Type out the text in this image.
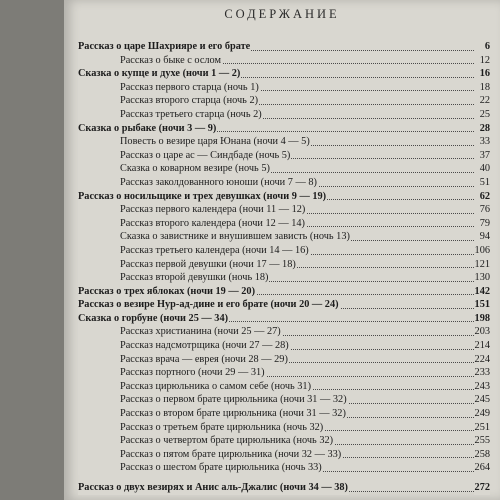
СОДЕРЖАНИЕ
Рассказ о царе Шахрияре и его брате	6
Рассказ о быке с ослом	12
Сказка о купце и духе (ночи 1 — 2)	16
Рассказ первого старца (ночь 1)	18
Рассказ второго старца (ночь 2)	22
Рассказ третьего старца (ночь 2)	25
Сказка о рыбаке (ночи 3 — 9)	28
Повесть о везире царя Юнана (ночи 4 — 5)	33
Рассказ о царе ас — Синдбаде (ночь 5)	37
Сказка о коварном везире (ночь 5)	40
Рассказ заколдованного юноши (ночи 7 — 8)	51
Рассказ о носильщике и трех девушках (ночи 9 — 19)	62
Рассказ первого календера (ночи 11 — 12)	76
Рассказ второго календера (ночи 12 — 14)	79
Сказка о завистнике и внушившем зависть (ночь 13)	94
Рассказ третьего календера (ночи 14 — 16)	106
Рассказ первой девушки (ночи 17 — 18)	121
Рассказ второй девушки (ночь 18)	130
Рассказ о трех яблоках (ночи 19 — 20)	142
Рассказ о везире Нур-ад-дине и его брате (ночи 20 — 24)	151
Сказка о горбуне (ночи 25 — 34)	198
Рассказ христианина (ночи 25 — 27)	203
Рассказ надсмотрщика (ночи 27 — 28)	214
Рассказ врача — еврея (ночи 28 — 29)	224
Рассказ портного (ночи 29 — 31)	233
Рассказ цирюльника о самом себе (ночь 31)	243
Рассказ о первом брате цирюльника (ночи 31 — 32)	245
Рассказ о втором брате цирюльника (ночи 31 — 32)	249
Рассказ о третьем брате цирюльника (ночь 32)	251
Рассказ о четвертом брате цирюльника (ночь 32)	255
Рассказ о пятом брате цирюльника (ночи 32 — 33)	258
Рассказ о шестом брате цирюльника (ночь 33)	264
Рассказ о двух везирях и Анис аль-Джалис (ночи 34 — 38)	272
